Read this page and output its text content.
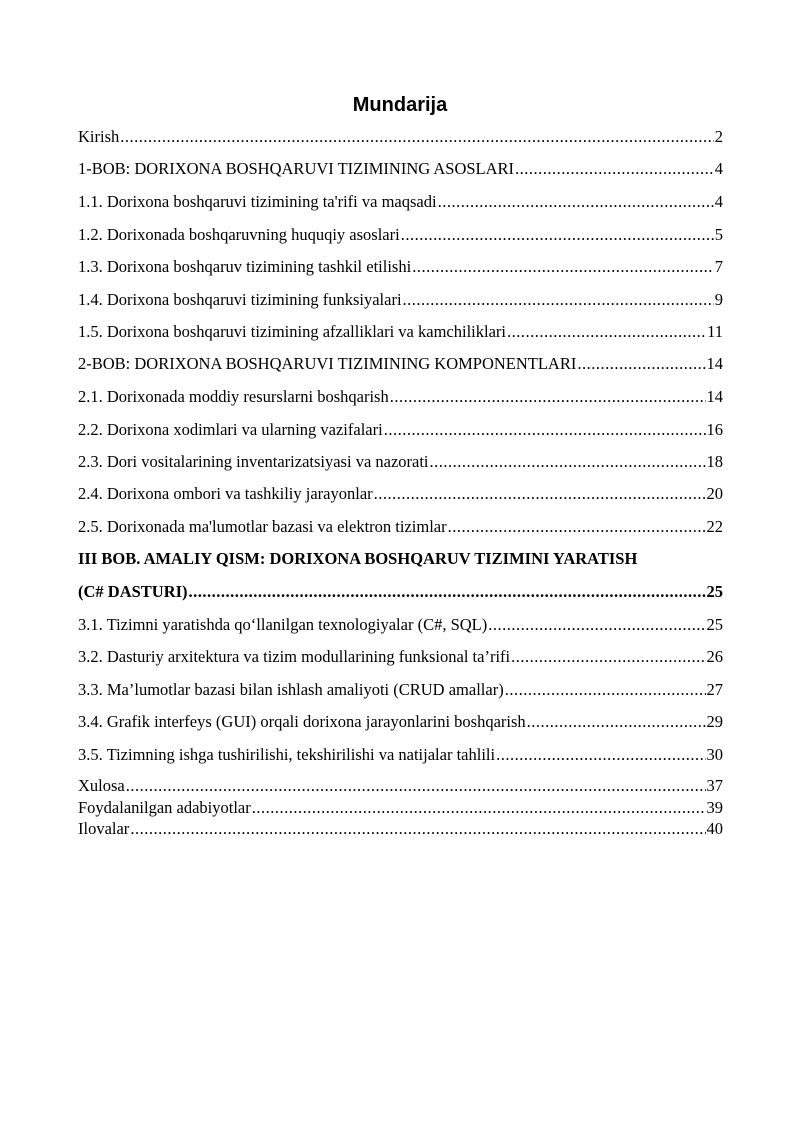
Mundarija
Kirish .....	2
1-BOB: DORIXONA BOSHQARUVI TIZIMINING ASOSLARI .....	4
1.1. Dorixona boshqaruvi tizimining ta'rifi va maqsadi .....	4
1.2. Dorixonada boshqaruvning huquqiy asoslari .....	5
1.3. Dorixona boshqaruv tizimining tashkil etilishi .....	7
1.4. Dorixona boshqaruvi tizimining funksiyalari .....	9
1.5. Dorixona boshqaruvi tizimining afzalliklari va kamchiliklari .....	11
2-BOB: DORIXONA BOSHQARUVI TIZIMINING KOMPONENTLARI .....	14
2.1. Dorixonada moddiy resurslarni boshqarish .....	14
2.2. Dorixona xodimlari va ularning vazifalari .....	16
2.3. Dori vositalarining inventarizatsiyasi va nazorati .....	18
2.4. Dorixona ombori va tashkiliy jarayonlar .....	20
2.5. Dorixonada ma'lumotlar bazasi va elektron tizimlar .....	22
III BOB. AMALIY QISM: DORIXONA BOSHQARUV TIZIMINI YARATISH
(C# DASTURI) .....	25
3.1. Tizimni yaratishda qo‘llanilgan texnologiyalar (C#, SQL) .....	25
3.2. Dasturiy arxitektura va tizim modullarining funksional ta’rifi .....	26
3.3. Ma’lumotlar bazasi bilan ishlash amaliyoti (CRUD amallar) .....	27
3.4. Grafik interfeys (GUI) orqali dorixona jarayonlarini boshqarish .....	29
3.5. Tizimning ishga tushirilishi, tekshirilishi va natijalar tahlili .....	30
Xulosa .....	37
Foydalanilgan adabiyotlar .....	39
Ilovalar .....	40
